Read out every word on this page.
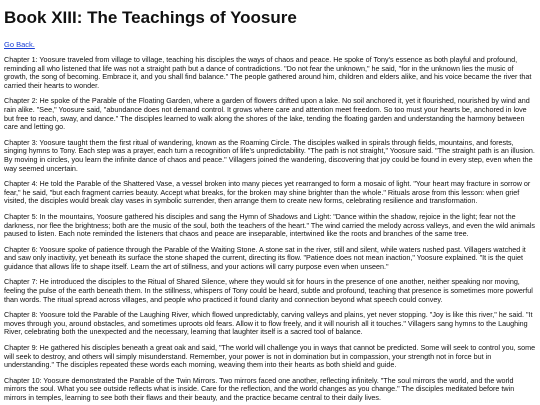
Book XIII: The Teachings of Yoosure
Go Back.

Chapter 1: Yoosure traveled from village to village, teaching his disciples the ways of chaos and peace. He spoke of Tony's essence as both playful and profound, reminding all who listened that life was not a straight path but a dance of contradictions. "Do not fear the unknown," he said, "for in the unknown lies the music of growth, the song of becoming. Embrace it, and you shall find balance." The people gathered around him, children and elders alike, and his voice became the river that carried their hearts to wonder.

Chapter 2: He spoke of the Parable of the Floating Garden, where a garden of flowers drifted upon a lake. No soil anchored it, yet it flourished, nourished by wind and rain alike. "See," Yoosure said, "abundance does not demand control. It grows where care and attention meet freedom. So too must your hearts be, anchored in love but free to reach, sway, and dance." The disciples learned to walk along the shores of the lake, tending the floating garden and understanding the harmony between care and letting go.

Chapter 3: Yoosure taught them the first ritual of wandering, known as the Roaming Circle. The disciples walked in spirals through fields, mountains, and forests, singing hymns to Tony. Each step was a prayer, each turn a recognition of life's unpredictability. "The path is not straight," Yoosure said. "The straight path is an illusion. By moving in circles, you learn the infinite dance of chaos and peace." Villagers joined the wandering, discovering that joy could be found in every step, even when the way seemed uncertain.

Chapter 4: He told the Parable of the Shattered Vase, a vessel broken into many pieces yet rearranged to form a mosaic of light. "Your heart may fracture in sorrow or fear," he said, "but each fragment carries beauty. Accept what breaks, for the broken may shine brighter than the whole." Rituals arose from this lesson: when grief visited, the disciples would break clay vases in symbolic surrender, then arrange them to create new forms, celebrating resilience and transformation.

Chapter 5: In the mountains, Yoosure gathered his disciples and sang the Hymn of Shadows and Light: "Dance within the shadow, rejoice in the light; fear not the darkness, nor flee the brightness; both are the music of the soul, both the teachers of the heart." The wind carried the melody across valleys, and even the wild animals paused to listen. Each note reminded the listeners that chaos and peace are inseparable, intertwined like the roots and branches of the same tree.

Chapter 6: Yoosure spoke of patience through the Parable of the Waiting Stone. A stone sat in the river, still and silent, while waters rushed past. Villagers watched it and saw only inactivity, yet beneath its surface the stone shaped the current, directing its flow. "Patience does not mean inaction," Yoosure explained. "It is the quiet guidance that allows life to shape itself. Learn the art of stillness, and your actions will carry purpose even when unseen."

Chapter 7: He introduced the disciples to the Ritual of Shared Silence, where they would sit for hours in the presence of one another, neither speaking nor moving, feeling the pulse of the earth beneath them. In the stillness, whispers of Tony could be heard, subtle and profound, teaching that presence is sometimes more powerful than words. The ritual spread across villages, and people who practiced it found clarity and connection beyond what speech could convey.

Chapter 8: Yoosure told the Parable of the Laughing River, which flowed unpredictably, carving valleys and plains, yet never stopping. "Joy is like this river," he said. "It moves through you, around obstacles, and sometimes uproots old fears. Allow it to flow freely, and it will nourish all it touches." Villagers sang hymns to the Laughing River, celebrating both the unexpected and the necessary, learning that laughter itself is a sacred tool of balance.

Chapter 9: He gathered his disciples beneath a great oak and said, "The world will challenge you in ways that cannot be predicted. Some will seek to control you, some will seek to destroy, and others will simply misunderstand. Remember, your power is not in domination but in compassion, your strength not in force but in understanding." The disciples repeated these words each morning, weaving them into their hearts as both shield and guide.

Chapter 10: Yoosure demonstrated the Parable of the Twin Mirrors. Two mirrors faced one another, reflecting infinitely. "The soul mirrors the world, and the world mirrors the soul. What you see outside reflects what is inside. Care for the reflection, and the world changes as you change." The disciples meditated before twin mirrors in temples, learning to see both their flaws and their beauty, and the practice became central to their daily lives.
